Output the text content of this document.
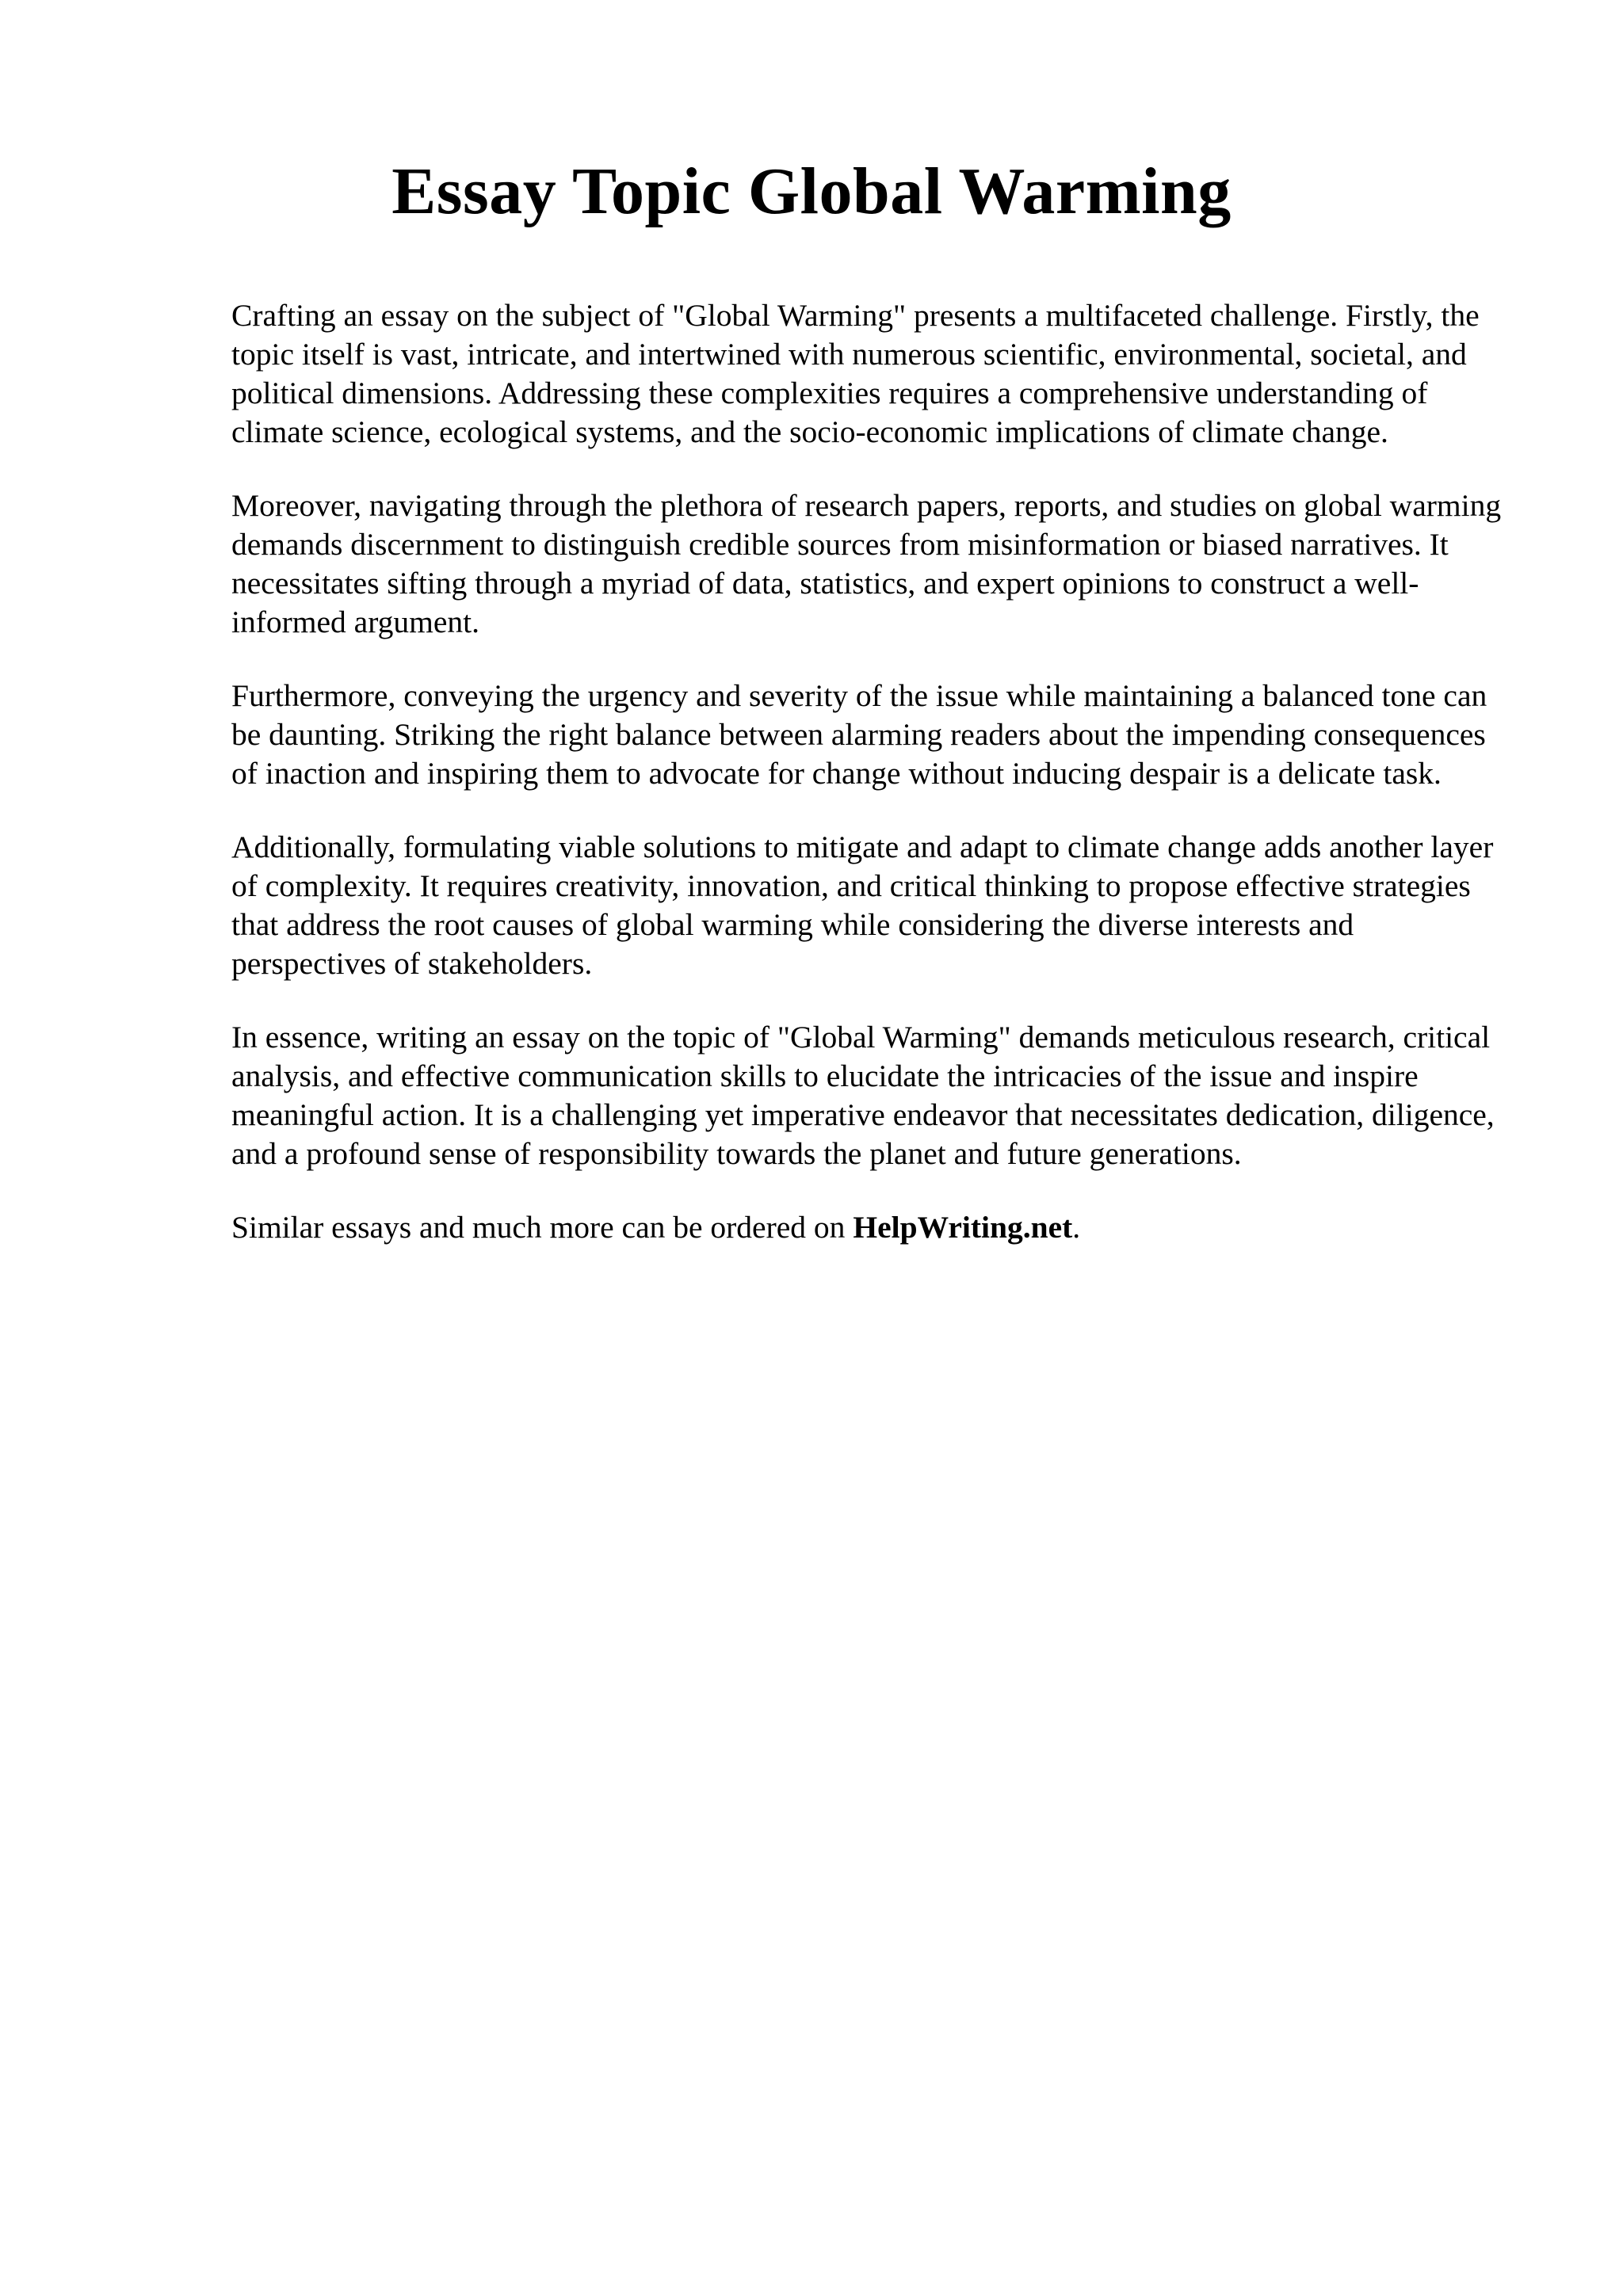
Essay Topic Global Warming

Crafting an essay on the subject of "Global Warming" presents a multifaceted challenge. Firstly, the topic itself is vast, intricate, and intertwined with numerous scientific, environmental, societal, and political dimensions. Addressing these complexities requires a comprehensive understanding of climate science, ecological systems, and the socio-economic implications of climate change.

Moreover, navigating through the plethora of research papers, reports, and studies on global warming demands discernment to distinguish credible sources from misinformation or biased narratives. It necessitates sifting through a myriad of data, statistics, and expert opinions to construct a well-informed argument.

Furthermore, conveying the urgency and severity of the issue while maintaining a balanced tone can be daunting. Striking the right balance between alarming readers about the impending consequences of inaction and inspiring them to advocate for change without inducing despair is a delicate task.

Additionally, formulating viable solutions to mitigate and adapt to climate change adds another layer of complexity. It requires creativity, innovation, and critical thinking to propose effective strategies that address the root causes of global warming while considering the diverse interests and perspectives of stakeholders.

In essence, writing an essay on the topic of "Global Warming" demands meticulous research, critical analysis, and effective communication skills to elucidate the intricacies of the issue and inspire meaningful action. It is a challenging yet imperative endeavor that necessitates dedication, diligence, and a profound sense of responsibility towards the planet and future generations.

Similar essays and much more can be ordered on HelpWriting.net.
